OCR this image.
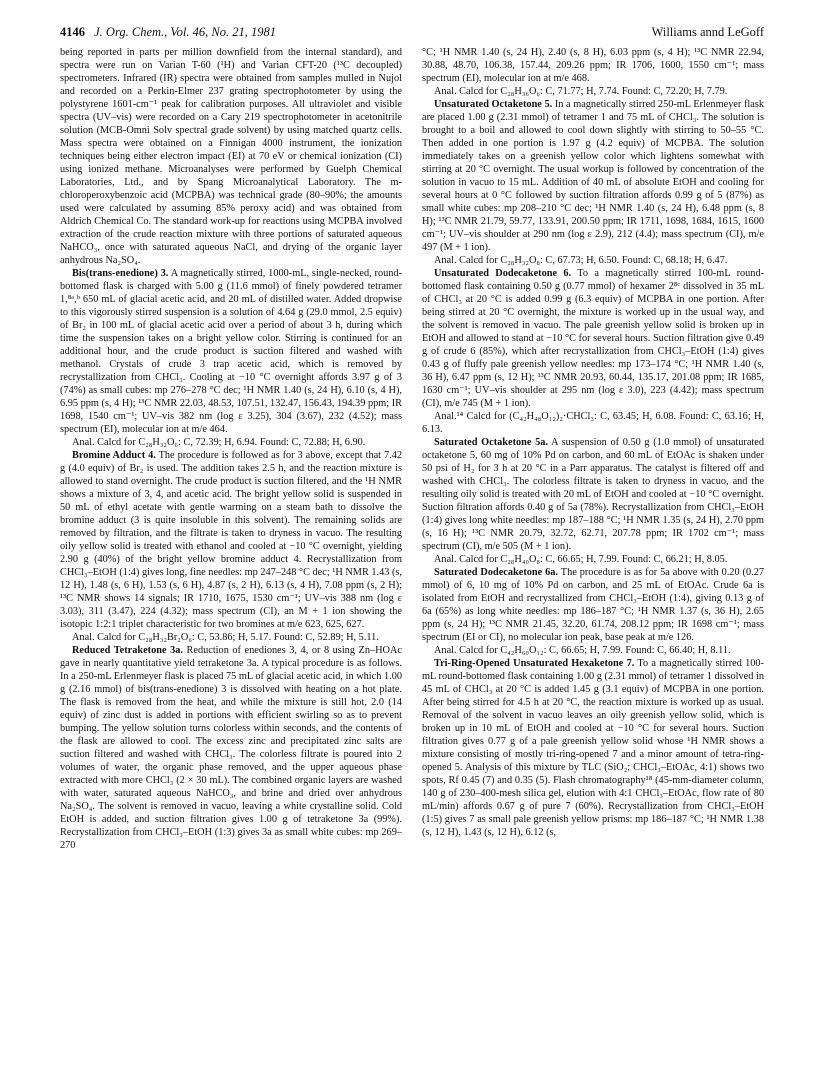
4146 J. Org. Chem., Vol. 46, No. 21, 1981	Williams annd LeGoff

being reported in parts per million downfield from the internal standard), and spectra were run on Varian T-60 (¹H) and Varian CFT-20 (¹³C decoupled) spectrometers. Infrared (IR) spectra were obtained from samples mulled in Nujol and recorded on a Perkin-Elmer 237 grating spectrophotometer by using the polystyrene 1601-cm⁻¹ peak for calibration purposes. All ultraviolet and visible spectra (UV–vis) were recorded on a Cary 219 spectrophotometer in acetonitrile solution (MCB-Omni Solv spectral grade solvent) by using matched quartz cells. Mass spectra were obtained on a Finnigan 4000 instrument, the ionization techniques being either electron impact (EI) at 70 eV or chemical ionization (CI) using ionized methane. Microanalyses were performed by Guelph Chemical Laboratories, Ltd., and by Spang Microanalytical Laboratory. The m-chloroperoxybenzoic acid (MCPBA) was technical grade (80–90%; the amounts used were calculated by assuming 85% peroxy acid) and was obtained from Aldrich Chemical Co. The standard work-up for reactions using MCPBA involved extraction of the crude reaction mixture with three portions of saturated aqueous NaHCO₃, once with saturated aqueous NaCl, and drying of the organic layer anhydrous Na₂SO₄.

Bis(trans-enedione) 3. A magnetically stirred, 1000-mL, single-necked, round-bottomed flask is charged with 5.00 g (11.6 mmol) of finely powdered tetramer 1,⁸ᵃ,ᵇ 650 mL of glacial acetic acid, and 20 mL of distilled water. Added dropwise to this vigorously stirred suspension is a solution of 4.64 g (29.0 mmol, 2.5 equiv) of Br₂ in 100 mL of glacial acetic acid over a period of about 3 h, during which time the suspension takes on a bright yellow color. Stirring is continued for an additional hour, and the crude product is suction filtered and washed with methanol. Crystals of crude 3 trap acetic acid, which is removed by recrystallization from CHCl₃. Cooling at −10 °C overnight affords 3.97 g of 3 (74%) as small cubes: mp 276–278 °C dec; ¹H NMR 1.40 (s, 24 H), 6.10 (s, 4 H), 6.95 ppm (s, 4 H); ¹³C NMR 22.03, 48.53, 107.51, 132.47, 156.43, 194.39 ppm; IR 1698, 1540 cm⁻¹; UV–vis 382 nm (log ε 3.25), 304 (3.67), 232 (4.52); mass spectrum (EI), molecular ion at m/e 464.

Anal. Calcd for C₂₈H₃₂O₆: C, 72.39; H, 6.94. Found: C, 72.88; H, 6.90.

Bromine Adduct 4. The procedure is followed as for 3 above, except that 7.42 g (4.0 equiv) of Br₂ is used. The addition takes 2.5 h, and the reaction mixture is allowed to stand overnight. The crude product is suction filtered, and the ¹H NMR shows a mixture of 3, 4, and acetic acid. The bright yellow solid is suspended in 50 mL of ethyl acetate with gentle warming on a steam bath to dissolve the bromine adduct (3 is quite insoluble in this solvent). The remaining solids are removed by filtration, and the filtrate is taken to dryness in vacuo. The resulting oily yellow solid is treated with ethanol and cooled at −10 °C overnight, yielding 2.90 g (40%) of the bright yellow bromine adduct 4. Recrystallization from CHCl₃–EtOH (1:4) gives long, fine needles: mp 247–248 °C dec; ¹H NMR 1.43 (s, 12 H), 1.48 (s, 6 H), 1.53 (s, 6 H), 4.87 (s, 2 H), 6.13 (s, 4 H), 7.08 ppm (s, 2 H); ¹³C NMR shows 14 signals; IR 1710, 1675, 1530 cm⁻¹; UV–vis 388 nm (log ε 3.03), 311 (3.47), 224 (4.32); mass spectrum (CI), an M + 1 ion showing the isotopic 1:2:1 triplet characteristic for two bromines at m/e 623, 625, 627.

Anal. Calcd for C₂₈H₃₂Br₂O₆: C, 53.86; H, 5.17. Found: C, 52.89; H, 5.11.

Reduced Tetraketone 3a. Reduction of enediones 3, 4, or 8 using Zn–HOAc gave in nearly quantitative yield tetraketone 3a. A typical procedure is as follows. In a 250-mL Erlenmeyer flask is placed 75 mL of glacial acetic acid, in which 1.00 g (2.16 mmol) of bis(trans-enedione) 3 is dissolved with heating on a hot plate. The flask is removed from the heat, and while the mixture is still hot, 2.0 (14 equiv) of zinc dust is added in portions with efficient swirling so as to prevent bumping. The yellow solution turns colorless within seconds, and the contents of the flask are allowed to cool. The excess zinc and precipitated zinc salts are suction filtered and washed with CHCl₃. The colorless filtrate is poured into 2 volumes of water, the organic phase removed, and the upper aqueous phase extracted with more CHCl₃ (2 × 30 mL). The combined organic layers are washed with water, saturated aqueous NaHCO₃, and brine and dried over anhydrous Na₂SO₄. The solvent is removed in vacuo, leaving a white crystalline solid. Cold EtOH is added, and suction filtration gives 1.00 g of tetraketone 3a (99%). Recrystallization from CHCl₃–EtOH (1:3) gives 3a as small white cubes: mp 269–270

°C; ¹H NMR 1.40 (s, 24 H), 2.40 (s, 8 H), 6.03 ppm (s, 4 H); ¹³C NMR 22.94, 30.88, 48.70, 106.38, 157.44, 209.26 ppm; IR 1706, 1600, 1550 cm⁻¹; mass spectrum (EI), molecular ion at m/e 468.

Anal. Calcd for C₂₈H₃₆O₆: C, 71.77; H, 7.74. Found: C, 72.20; H, 7.79.

Unsaturated Octaketone 5. In a magnetically stirred 250-mL Erlenmeyer flask are placed 1.00 g (2.31 mmol) of tetramer 1 and 75 mL of CHCl₃. The solution is brought to a boil and allowed to cool down slightly with stirring to 50–55 °C. Then added in one portion is 1.97 g (4.2 equiv) of MCPBA. The solution immediately takes on a greenish yellow color which lightens somewhat with stirring at 20 °C overnight. The usual workup is followed by concentration of the solution in vacuo to 15 mL. Addition of 40 mL of absolute EtOH and cooling for several hours at 0 °C followed by suction filtration affords 0.99 g of 5 (87%) as small white cubes: mp 208–210 °C dec; ¹H NMR 1.40 (s, 24 H), 6.48 ppm (s, 8 H); ¹³C NMR 21.79, 59.77, 133.91, 200.50 ppm; IR 1711, 1698, 1684, 1615, 1600 cm⁻¹; UV–vis shoulder at 290 nm (log ε 2.9), 212 (4.4); mass spectrum (CI), m/e 497 (M + 1 ion).

Anal. Calcd for C₂₈H₃₂O₈: C, 67.73; H, 6.50. Found: C, 68.18; H, 6.47.

Unsaturated Dodecaketone 6. To a magnetically stirred 100-mL round-bottomed flask containing 0.50 g (0.77 mmol) of hexamer 2⁸ᶜ dissolved in 35 mL of CHCl₃ at 20 °C is added 0.99 g (6.3 equiv) of MCPBA in one portion. After being stirred at 20 °C overnight, the mixture is worked up in the usual way, and the solvent is removed in vacuo. The pale greenish yellow solid is broken up in EtOH and allowed to stand at −10 °C for several hours. Suction filtration give 0.49 g of crude 6 (85%), which after recrystallization from CHCl₃–EtOH (1:4) gives 0.43 g of fluffy pale greenish yellow needles: mp 173–174 °C; ¹H NMR 1.40 (s, 36 H), 6.47 ppm (s, 12 H); ¹³C NMR 20.93, 60.44, 135.17, 201.08 ppm; IR 1685, 1630 cm⁻¹; UV–vis shoulder at 295 nm (log ε 3.0), 223 (4.42); mass spectrum (CI), m/e 745 (M + 1 ion).

Anal.¹⁴ Calcd for (C₄₂H₄₈O₁₂)₂·CHCl₃: C, 63.45; H, 6.08. Found: C, 63.16; H, 6.13.

Saturated Octaketone 5a. A suspension of 0.50 g (1.0 mmol) of unsaturated octaketone 5, 60 mg of 10% Pd on carbon, and 60 mL of EtOAc is shaken under 50 psi of H₂ for 3 h at 20 °C in a Parr apparatus. The catalyst is filtered off and washed with CHCl₃. The colorless filtrate is taken to dryness in vacuo, and the resulting oily solid is treated with 20 mL of EtOH and cooled at −10 °C overnight. Suction filtration affords 0.40 g of 5a (78%). Recrystallization from CHCl₃–EtOH (1:4) gives long white needles: mp 187–188 °C; ¹H NMR 1.35 (s, 24 H), 2.70 ppm (s, 16 H); ¹³C NMR 20.79, 32.72, 62.71, 207.78 ppm; IR 1702 cm⁻¹; mass spectrum (CI), m/e 505 (M + 1 ion).

Anal. Calcd for C₂₈H₄₀O₈: C, 66.65; H, 7.99. Found: C, 66.21; H, 8.05.

Saturated Dodecaketone 6a. The procedure is as for 5a above with 0.20 (0.27 mmol) of 6, 10 mg of 10% Pd on carbon, and 25 mL of EtOAc. Crude 6a is isolated from EtOH and recrystallized from CHCl₃–EtOH (1:4), giving 0.13 g of 6a (65%) as long white needles: mp 186–187 °C; ¹H NMR 1.37 (s, 36 H), 2.65 ppm (s, 24 H); ¹³C NMR 21.45, 32.20, 61.74, 208.12 ppm; IR 1698 cm⁻¹; mass spectrum (EI or CI), no molecular ion peak, base peak at m/e 126.

Anal. Calcd for C₄₂H₆₀O₁₂: C, 66.65; H, 7.99. Found: C, 66.40; H, 8.11.

Tri-Ring-Opened Unsaturated Hexaketone 7. To a magnetically stirred 100-mL round-bottomed flask containing 1.00 g (2.31 mmol) of tetramer 1 dissolved in 45 mL of CHCl₃ at 20 °C is added 1.45 g (3.1 equiv) of MCPBA in one portion. After being stirred for 4.5 h at 20 °C, the reaction mixture is worked up as usual. Removal of the solvent in vacuo leaves an oily greenish yellow solid, which is broken up in 10 mL of EtOH and cooled at −10 °C for several hours. Suction filtration gives 0.77 g of a pale greenish yellow solid whose ¹H NMR shows a mixture consisting of mostly tri-ring-opened 7 and a minor amount of tetra-ring-opened 5. Analysis of this mixture by TLC (SiO₂; CHCl₃–EtOAc, 4:1) shows two spots, Rf 0.45 (7) and 0.35 (5). Flash chromatography¹⁸ (45-mm-diameter column, 140 g of 230–400-mesh silica gel, elution with 4:1 CHCl₃–EtOAc, flow rate of 80 mL/min) affords 0.67 g of pure 7 (60%). Recrystallization from CHCl₃–EtOH (1:5) gives 7 as small pale greenish yellow prisms: mp 186–187 °C; ¹H NMR 1.38 (s, 12 H), 1.43 (s, 12 H), 6.12 (s,
